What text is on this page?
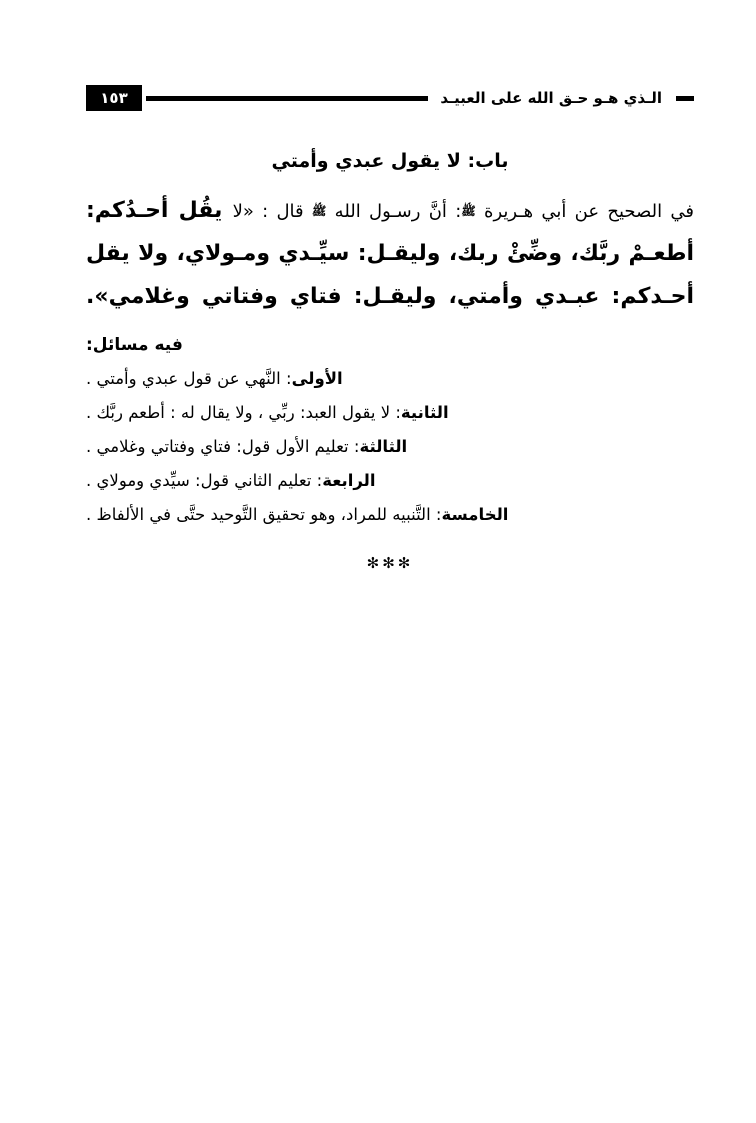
١٥٣	الـذي هـو حـق الله على العبيـد
باب: لا يقول عبدي وأمتي

في الصحيح عن أبي هـريرة ﷺ: أنَّ رسـول الله ﷺ قال : «لا يقُل أحـدُكم: أطعـمْ ربَّك، وضِّئْ ربك، وليقـل: سيِّـدي ومـولاي، ولا يقل أحـدكم: عبـدي وأمتي، وليقـل: فتاي وفتاتي وغلامي».

فيه مسائل:
الأولى: النَّهي عن قول عبدي وأمتي .
الثانية: لا يقول العبد: ربِّي ، ولا يقال له : أطعم ربَّك .
الثالثة: تعليم الأول قول: فتاي وفتاتي وغلامي .
الرابعة: تعليم الثاني قول: سيِّدي ومولاي .
الخامسة: التَّنبيه للمراد، وهو تحقيق التَّوحيد حتَّى في الألفاظ .
✻✻✻
